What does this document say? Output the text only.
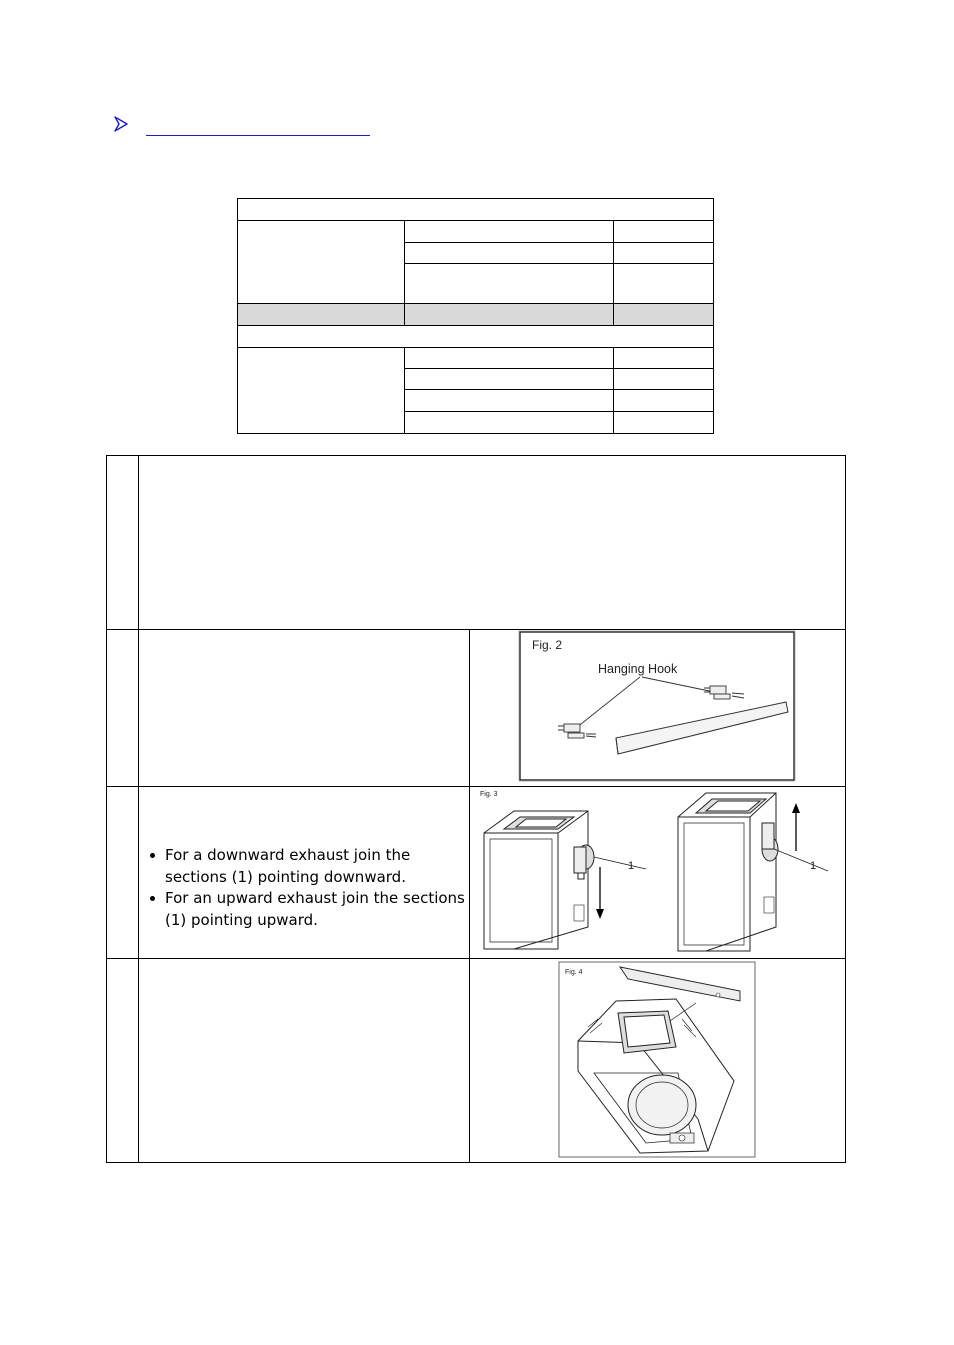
For a downward exhaust join the sections (1) pointing downward.
For an upward exhaust join the sections (1) pointing upward.
Fig. 2
Hanging Hook
Fig. 3
1	1
Fig. 4
